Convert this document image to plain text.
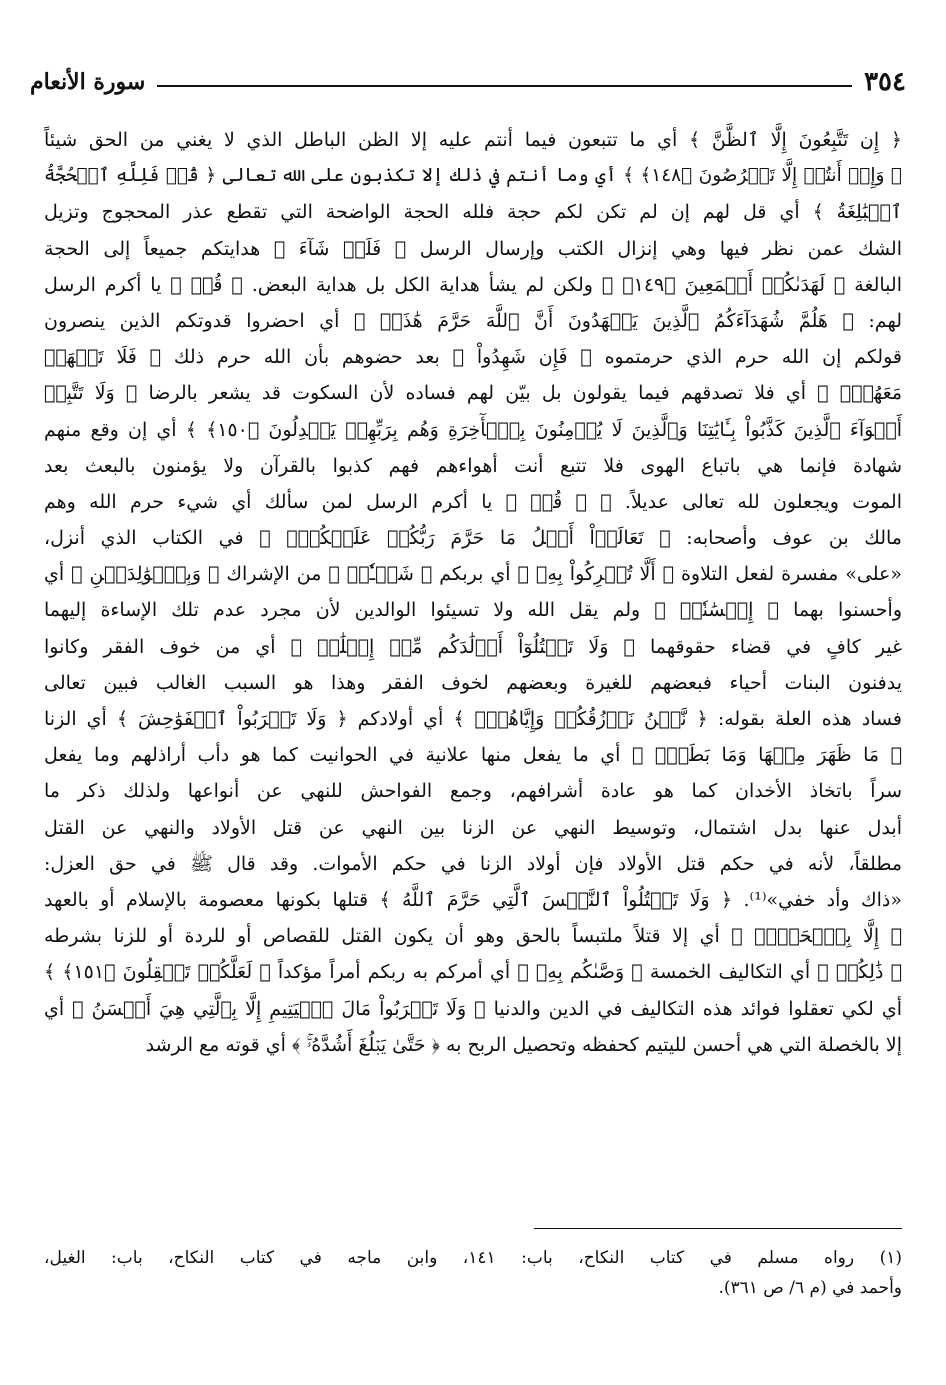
٣٥٤
سورة الأنعام
﴿ إِن تَتَّبِعُونَ إِلَّا ٱلظَّنَّ ﴾ أي ما تتبعون فيما أنتم عليه إلا الظن الباطل الذي لا يغني من الحق شيئاً
﴿ وَإِنۡ أَنتُمۡ إِلَّا تَخۡرُصُونَ ﴿١٤٨﴾ ﴾ أي وما أنتم في ذلك إلا تكذبون على الله تعالى ﴿ قُلۡ فَلِلَّهِ ٱلۡحُجَّةُ
ٱلۡبَٰلِغَةُ ﴾ أي قل لهم إن لم تكن لكم حجة فلله الحجة الواضحة التي تقطع عذر المحجوج وتزيل
الشك عمن نظر فيها وهي إنزال الكتب وإرسال الرسل ﴿ فَلَوۡ شَآءَ ﴾ هدايتكم جميعاً إلى الحجة
البالغة ﴿ لَهَدَىٰكُمۡ أَجۡمَعِينَ ﴿١٤٩﴾ ﴾ ولكن لم يشأ هداية الكل بل هداية البعض. ﴿ قُلۡ ﴾ يا أكرم الرسل
لهم: ﴿ هَلُمَّ شُهَدَآءَكُمُ ٱلَّذِينَ يَشۡهَدُونَ أَنَّ ٱللَّهَ حَرَّمَ هَٰذَاۖ ﴾ أي احضروا قدوتكم الذين ينصرون
قولكم إن الله حرم الذي حرمتموه ﴿ فَإِن شَهِدُواْ ﴾ بعد حضوهم بأن الله حرم ذلك ﴿ فَلَا تَشۡهَدۡ
مَعَهُمۡۚ ﴾ أي فلا تصدقهم فيما يقولون بل بيّن لهم فساده لأن السكوت قد يشعر بالرضا ﴿ وَلَا تَتَّبِعۡ
أَهۡوَآءَ ٱلَّذِينَ كَذَّبُواْ بِـَٔايَٰتِنَا وَٱلَّذِينَ لَا يُؤۡمِنُونَ بِٱلۡأٓخِرَةِ وَهُم بِرَبِّهِمۡ يَعۡدِلُونَ ﴿١٥٠﴾ ﴾ أي إن وقع منهم
شهادة فإنما هي باتباع الهوى فلا تتبع أنت أهواءهم فهم كذبوا بالقرآن ولا يؤمنون بالبعث بعد
الموت ويجعلون لله تعالى عديلاً. ﴿ ۞ قُلۡ ﴾ يا أكرم الرسل لمن سألك أي شيء حرم الله وهم
مالك بن عوف وأصحابه: ﴿ تَعَالَوۡاْ أَتۡلُ مَا حَرَّمَ رَبُّكُمۡ عَلَيۡكُمۡۖ ﴾ في الكتاب الذي أنزل،
«على» مفسرة لفعل التلاوة ﴿ أَلَّا تُشۡرِكُواْ بِهِۦ ﴾ أي بربكم ﴿ شَيۡـٔٗاۖ ﴾ من الإشراك ﴿ وَبِٱلۡوَٰلِدَيۡنِ ﴾ أي
وأحسنوا بهما ﴿ إِحۡسَٰنٗاۖ ﴾ ولم يقل الله ولا تسيئوا الوالدين لأن مجرد عدم تلك الإساءة إليهما
غير كافٍ في قضاء حقوقهما ﴿ وَلَا تَقۡتُلُوٓاْ أَوۡلَٰدَكُم مِّنۡ إِمۡلَٰقٖ ﴾ أي من خوف الفقر وكانوا
يدفنون البنات أحياء فبعضهم للغيرة وبعضهم لخوف الفقر وهذا هو السبب الغالب فبين تعالى
فساد هذه العلة بقوله: ﴿ نَّحۡنُ نَرۡزُقُكُمۡ وَإِيَّاهُمۡۖ ﴾ أي أولادكم ﴿ وَلَا تَقۡرَبُواْ ٱلۡفَوَٰحِشَ ﴾ أي الزنا
﴿ مَا ظَهَرَ مِنۡهَا وَمَا بَطَنَۖ ﴾ أي ما يفعل منها علانية في الحوانيت كما هو دأب أراذلهم وما يفعل
سراً باتخاذ الأخدان كما هو عادة أشرافهم، وجمع الفواحش للنهي عن أنواعها ولذلك ذكر ما
أبدل عنها بدل اشتمال، وتوسيط النهي عن الزنا بين النهي عن قتل الأولاد والنهي عن القتل
مطلقاً، لأنه في حكم قتل الأولاد فإن أولاد الزنا في حكم الأموات. وقد قال ﷺ في حق العزل:
«ذاك وأد خفي»⁽¹⁾. ﴿ وَلَا تَقۡتُلُواْ ٱلنَّفۡسَ ٱلَّتِي حَرَّمَ ٱللَّهُ ﴾ قتلها بكونها معصومة بالإسلام أو بالعهد
﴿ إِلَّا بِٱلۡحَقِّۚ ﴾ أي إلا قتلاً ملتبساً بالحق وهو أن يكون القتل للقصاص أو للردة أو للزنا بشرطه
﴿ ذَٰلِكُمۡ ﴾ أي التكاليف الخمسة ﴿ وَصَّىٰكُم بِهِۦ ﴾ أي أمركم به ربكم أمراً مؤكداً ﴿ لَعَلَّكُمۡ تَعۡقِلُونَ ﴿١٥١﴾ ﴾
أي لكي تعقلوا فوائد هذه التكاليف في الدين والدنيا ﴿ وَلَا تَقۡرَبُواْ مَالَ ٱلۡيَتِيمِ إِلَّا بِٱلَّتِي هِيَ أَحۡسَنُ ﴾ أي
إلا بالخصلة التي هي أحسن لليتيم كحفظه وتحصيل الربح به ﴿ حَتَّىٰ يَبۡلُغَ أَشُدَّهُۥۚ ﴾ أي قوته مع الرشد
(١) رواه مسلم في كتاب النكاح، باب: ١٤١، وابن ماجه في كتاب النكاح، باب: الغيل،
وأحمد في (م ٦/ ص ٣٦١).
